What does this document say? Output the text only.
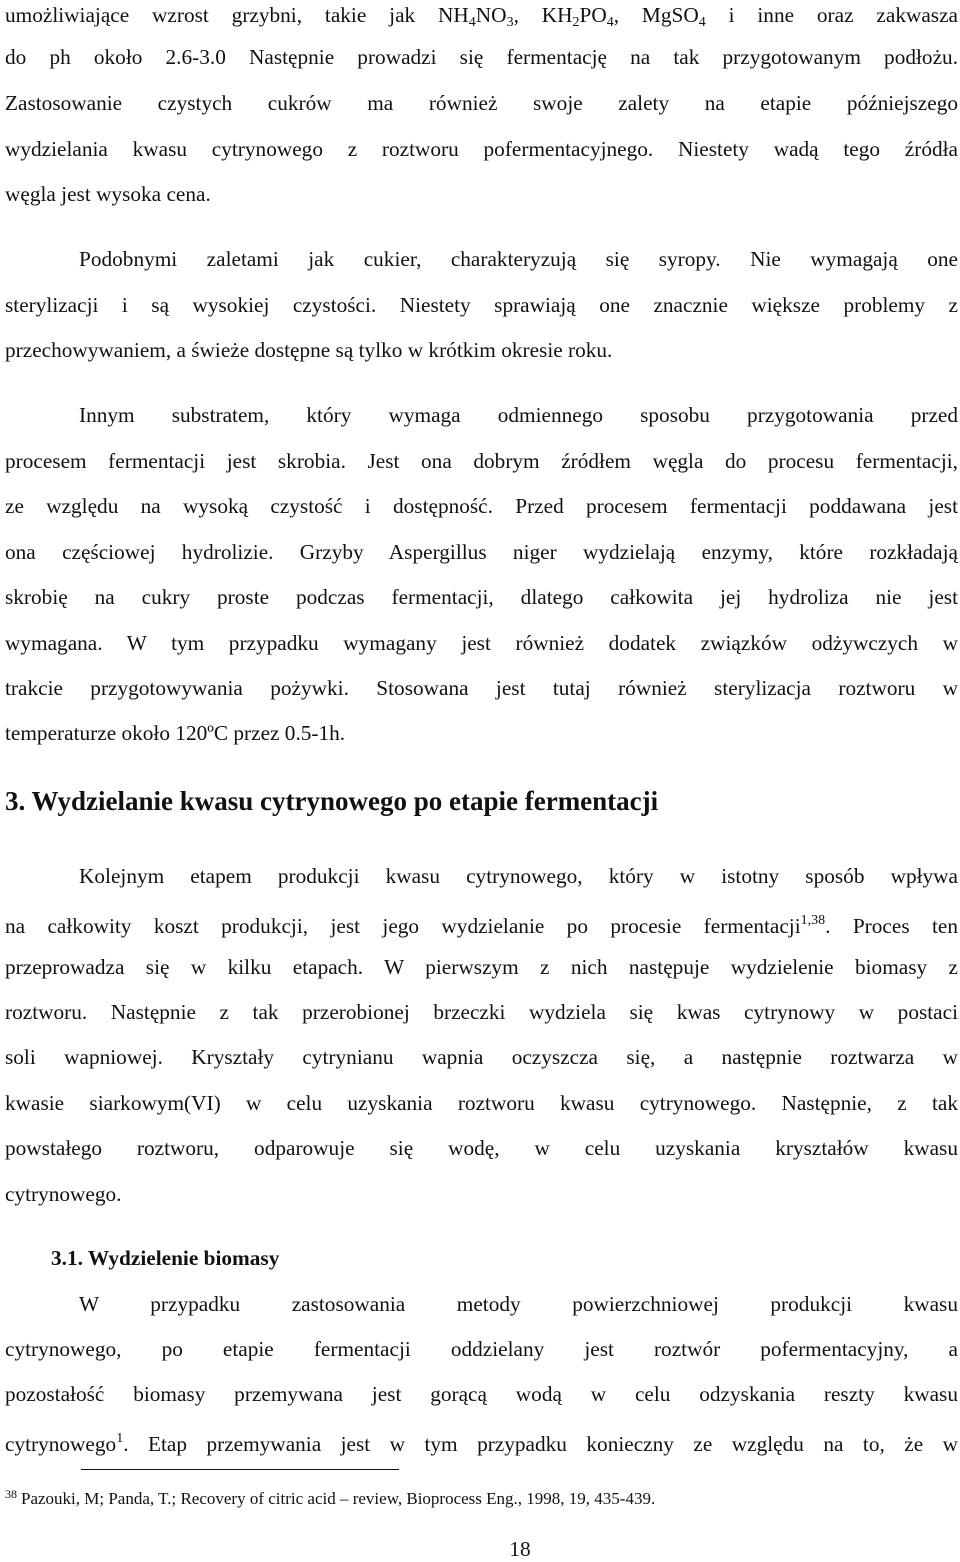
umożliwiające wzrost grzybni, takie jak $NH_4NO_3$, $KH_2PO_4$, MgSO$_4$ i inne oraz zakwasza
do ph około 2.6-3.0 Następnie prowadzi się fermentację na tak przygotowanym podłożu.
Zastosowanie czystych cukrów ma również swoje zalety na etapie późniejszego
wydzielania kwasu cytrynowego z roztworu pofermentacyjnego. Niestety wadą tego źródła
węgla jest wysoka cena.
Podobnymi zaletami jak cukier, charakteryzują się syropy. Nie wymagają one
sterylizacji i są wysokiej czystości. Niestety sprawiają one znacznie większe problemy z
przechowywaniem, a świeże dostępne są tylko w krótkim okresie roku.
Innym substratem, który wymaga odmiennego sposobu przygotowania przed
procesem fermentacji jest skrobia. Jest ona dobrym źródłem węgla do procesu fermentacji,
ze względu na wysoką czystość i dostępność. Przed procesem fermentacji poddawana jest
ona częściowej hydrolizie. Grzyby Aspergillus niger wydzielają enzymy, które rozkładają
skrobię na cukry proste podczas fermentacji, dlatego całkowita jej hydroliza nie jest
wymagana. W tym przypadku wymagany jest również dodatek związków odżywczych w
trakcie przygotowywania pożywki. Stosowana jest tutaj również sterylizacja roztworu w
temperaturze około 120ºC przez 0.5-1h.
3. Wydzielanie kwasu cytrynowego po etapie fermentacji
Kolejnym etapem produkcji kwasu cytrynowego, który w istotny sposób wpływa
na całkowity koszt produkcji, jest jego wydzielanie po procesie fermentacji$^{1,38}$. Proces ten
przeprowadza się w kilku etapach. W pierwszym z nich następuje wydzielenie biomasy z
roztworu. Następnie z tak przerobionej brzeczki wydziela się kwas cytrynowy w postaci
soli wapniowej. Kryształy cytrynianu wapnia oczyszcza się, a następnie roztwarza w
kwasie siarkowym(VI) w celu uzyskania roztworu kwasu cytrynowego. Następnie, z tak
powstałego roztworu, odparowuje się wodę, w celu uzyskania kryształów kwasu
cytrynowego.
3.1. Wydzielenie biomasy
W przypadku zastosowania metody powierzchniowej produkcji kwasu
cytrynowego, po etapie fermentacji oddzielany jest roztwór pofermentacyjny, a
pozostałość biomasy przemywana jest gorącą wodą w celu odzyskania reszty kwasu
cytrynowego$^1$. Etap przemywania jest w tym przypadku konieczny ze względu na to, że w
$^{38}$ Pazouki, M; Panda, T.; Recovery of citric acid – review, Bioprocess Eng., 1998, 19, 435-439.
18
